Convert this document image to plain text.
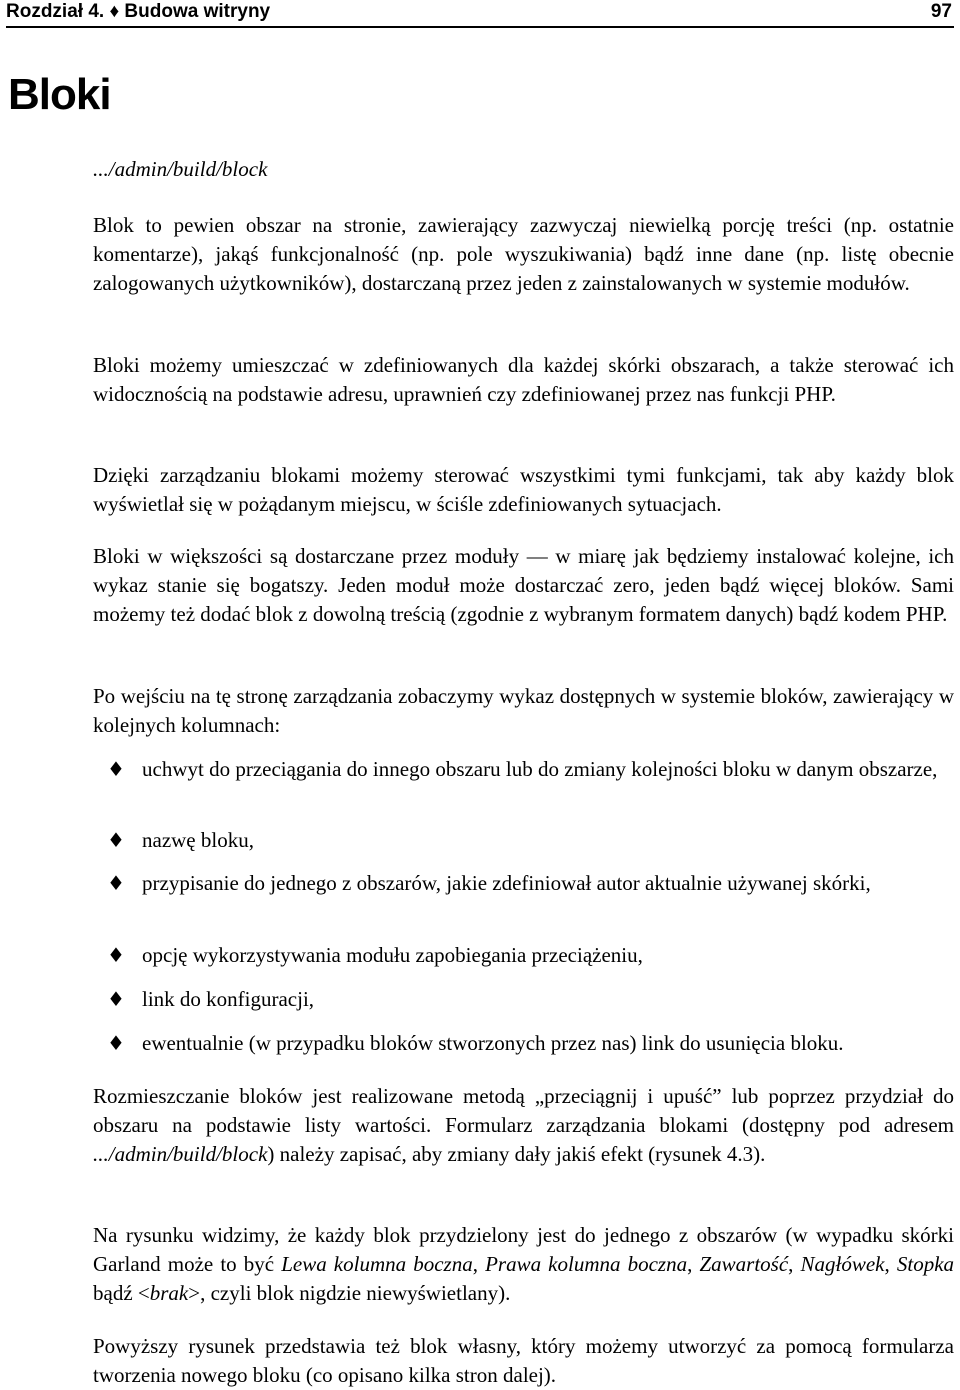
Rozdział 4. ♦ Budowa witryny	97
Bloki
.../admin/build/block

Blok to pewien obszar na stronie, zawierający zazwyczaj niewielką porcję treści (np. ostatnie komentarze), jakąś funkcjonalność (np. pole wyszukiwania) bądź inne dane (np. listę obecnie zalogowanych użytkowników), dostarczaną przez jeden z zainstalowanych w systemie modułów.

Bloki możemy umieszczać w zdefiniowanych dla każdej skórki obszarach, a także sterować ich widocznością na podstawie adresu, uprawnień czy zdefiniowanej przez nas funkcji PHP.

Dzięki zarządzaniu blokami możemy sterować wszystkimi tymi funkcjami, tak aby każdy blok wyświetlał się w pożądanym miejscu, w ściśle zdefiniowanych sytuacjach.

Bloki w większości są dostarczane przez moduły — w miarę jak będziemy instalować kolejne, ich wykaz stanie się bogatszy. Jeden moduł może dostarczać zero, jeden bądź więcej bloków. Sami możemy też dodać blok z dowolną treścią (zgodnie z wybranym formatem danych) bądź kodem PHP.

Po wejściu na tę stronę zarządzania zobaczymy wykaz dostępnych w systemie bloków, zawierający w kolejnych kolumnach:

♦ uchwyt do przeciągania do innego obszaru lub do zmiany kolejności bloku w danym obszarze,
♦ nazwę bloku,
♦ przypisanie do jednego z obszarów, jakie zdefiniował autor aktualnie używanej skórki,
♦ opcję wykorzystywania modułu zapobiegania przeciążeniu,
♦ link do konfiguracji,
♦ ewentualnie (w przypadku bloków stworzonych przez nas) link do usunięcia bloku.

Rozmieszczanie bloków jest realizowane metodą „przeciągnij i upuść” lub poprzez przydział do obszaru na podstawie listy wartości. Formularz zarządzania blokami (dostępny pod adresem .../admin/build/block) należy zapisać, aby zmiany dały jakiś efekt (rysunek 4.3).

Na rysunku widzimy, że każdy blok przydzielony jest do jednego z obszarów (w wypadku skórki Garland może to być Lewa kolumna boczna, Prawa kolumna boczna, Zawartość, Nagłówek, Stopka bądź <brak>, czyli blok nigdzie niewyświetlany).

Powyższy rysunek przedstawia też blok własny, który możemy utworzyć za pomocą formularza tworzenia nowego bloku (co opisano kilka stron dalej).
